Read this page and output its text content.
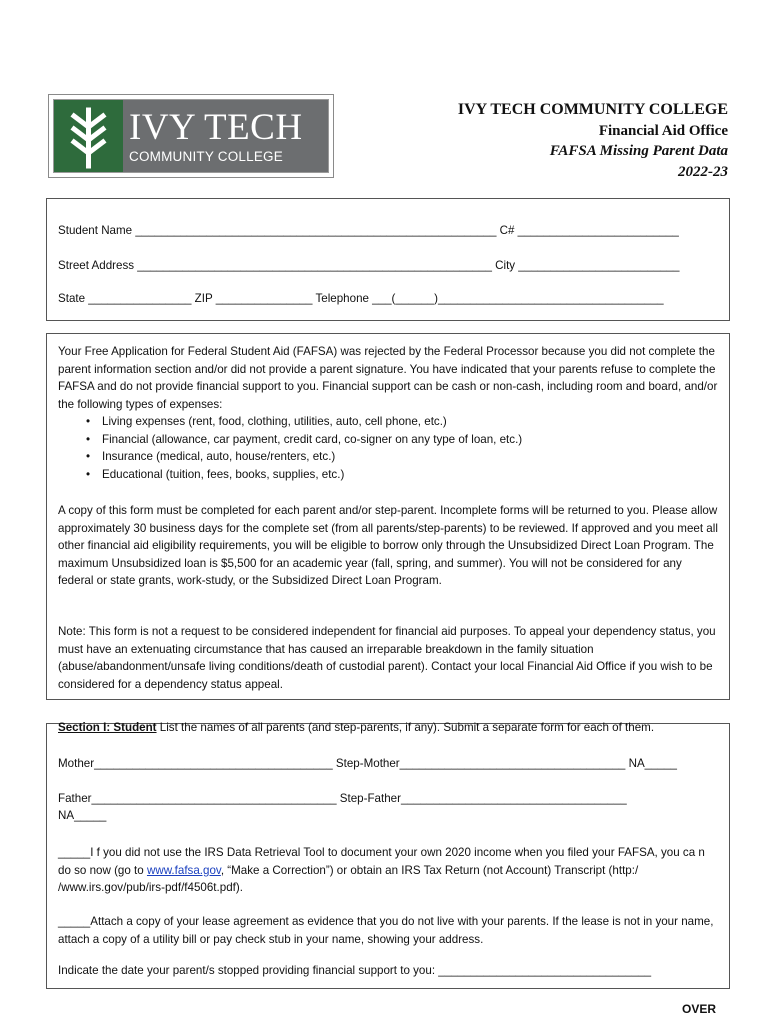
IVY TECH
COMMUNITY COLLEGE
IVY TECH COMMUNITY COLLEGE
Financial Aid Office
FAFSA Missing Parent Data
2022-23
Student Name ________________________________________________________ C# _________________________
Street Address _______________________________________________________ City _________________________
State ________________ ZIP _______________ Telephone ___(______)___________________________________
Your Free Application for Federal Student Aid (FAFSA) was rejected by the Federal Processor because you did not complete the parent information section and/or did not provide a parent signature. You have indicated that your parents refuse to complete the FAFSA and do not provide financial support to you. Financial support can be cash or non-cash, including room and board, and/or the following types of expenses:
• Living expenses (rent, food, clothing, utilities, auto, cell phone, etc.)
• Financial (allowance, car payment, credit card, co-signer on any type of loan, etc.)
• Insurance (medical, auto, house/renters, etc.)
• Educational (tuition, fees, books, supplies, etc.)
A copy of this form must be completed for each parent and/or step-parent. Incomplete forms will be returned to you. Please allow approximately 30 business days for the complete set (from all parents/step-parents) to be reviewed. If approved and you meet all other financial aid eligibility requirements, you will be eligible to borrow only through the Unsubsidized Direct Loan Program. The maximum Unsubsidized loan is $5,500 for an academic year (fall, spring, and summer). You will not be considered for any federal or state grants, work-study, or the Subsidized Direct Loan Program.
Note: This form is not a request to be considered independent for financial aid purposes. To appeal your dependency status, you must have an extenuating circumstance that has caused an irreparable breakdown in the family situation (abuse/abandonment/unsafe living conditions/death of custodial parent). Contact your local Financial Aid Office if you wish to be considered for a dependency status appeal.
Section I: Student List the names of all parents (and step-parents, if any). Submit a separate form for each of them.
Mother_____________________________________ Step-Mother___________________________________ NA_____
Father______________________________________ Step-Father___________________________________
NA_____
_____I f you did not use the IRS Data Retrieval Tool to document your own 2020 income when you filed your FAFSA, you ca n do so now (go to www.fafsa.gov, “Make a Correction”) or obtain an IRS Tax Return (not Account) Transcript (http:/ /www.irs.gov/pub/irs-pdf/f4506t.pdf).
_____Attach a copy of your lease agreement as evidence that you do not live with your parents. If the lease is not in your name, attach a copy of a utility bill or pay check stub in your name, showing your address.
Indicate the date your parent/s stopped providing financial support to you: _________________________________
OVER
